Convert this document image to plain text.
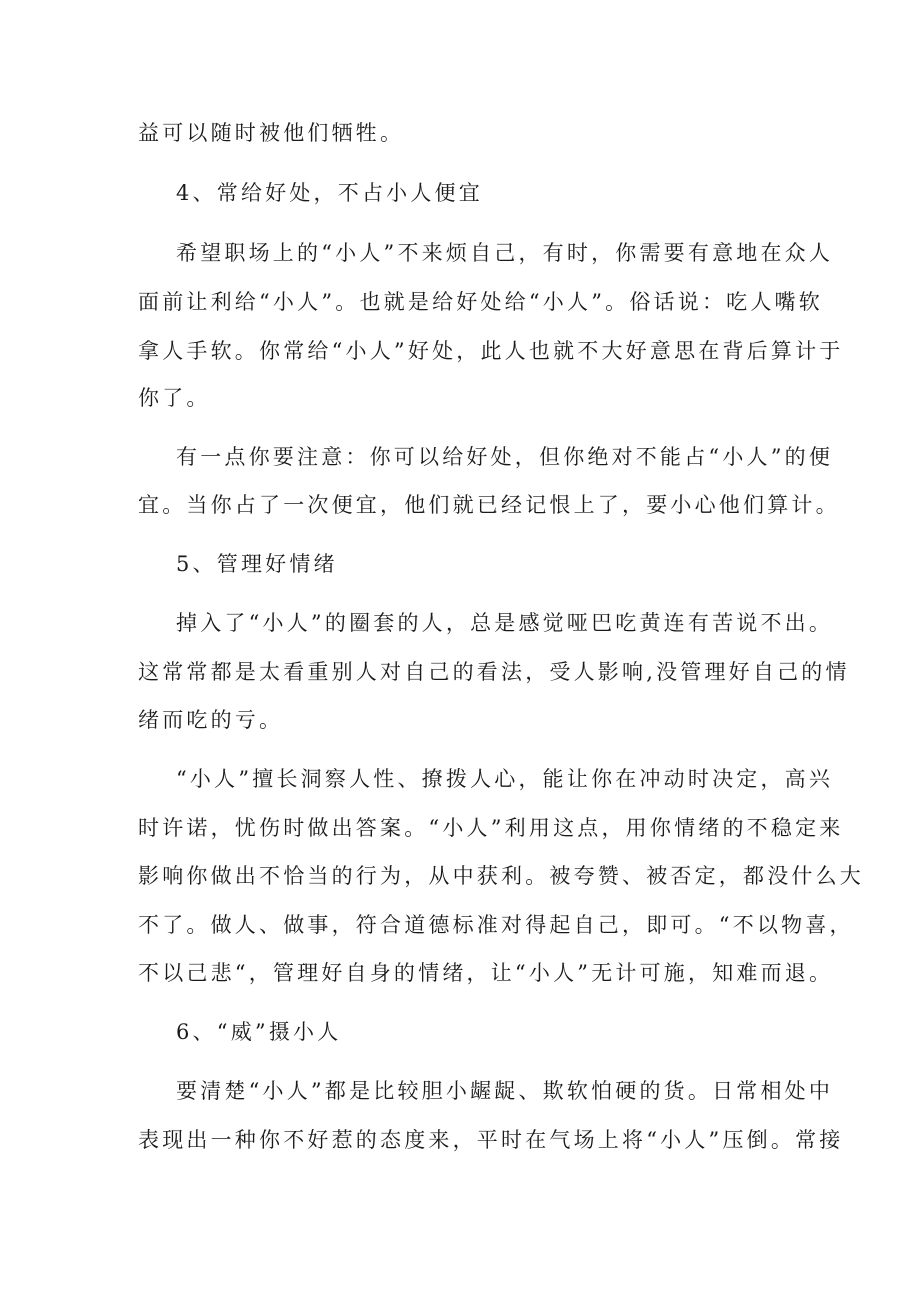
益可以随时被他们牺牲。
4、常给好处，不占小人便宜
希望职场上的“小人”不来烦自己，有时，你需要有意地在众人
面前让利给“小人”。也就是给好处给“小人”。俗话说：吃人嘴软
拿人手软。你常给“小人”好处，此人也就不大好意思在背后算计于
你了。
有一点你要注意：你可以给好处，但你绝对不能占“小人”的便
宜。当你占了一次便宜，他们就已经记恨上了，要小心他们算计。
5、管理好情绪
掉入了“小人”的圈套的人，总是感觉哑巴吃黄连有苦说不出。
这常常都是太看重别人对自己的看法，受人影响,没管理好自己的情
绪而吃的亏。
“小人”擅长洞察人性、撩拨人心，能让你在冲动时决定，高兴
时许诺，忧伤时做出答案。“小人”利用这点，用你情绪的不稳定来
影响你做出不恰当的行为，从中获利。被夸赞、被否定，都没什么大
不了。做人、做事，符合道德标准对得起自己，即可。“不以物喜，
不以己悲“，管理好自身的情绪，让“小人”无计可施，知难而退。
6、“威”摄小人
要清楚“小人”都是比较胆小龌龊、欺软怕硬的货。日常相处中
表现出一种你不好惹的态度来，平时在气场上将“小人”压倒。常接
